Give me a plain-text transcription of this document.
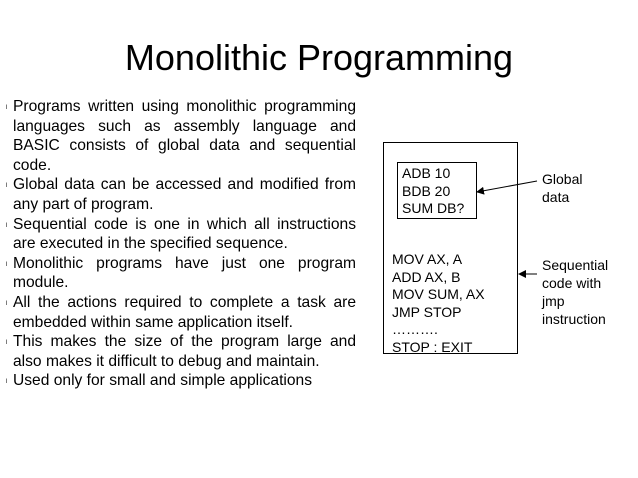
Monolithic Programming
l Programs written using monolithic programming languages such as assembly language and BASIC consists of global data and sequential code.
l Global data can be accessed and modified from any part of program.
l Sequential code is one in which all instructions are executed in the specified sequence.
l Monolithic programs have just one program module.
l All the actions required to complete a task are embedded within same application itself.
l This makes the size of the program large and also makes it difficult to debug and maintain.
l Used only for small and simple applications
ADB 10
BDB 20
SUM DB?
MOV AX, A
ADD AX, B
MOV SUM, AX
JMP STOP
……….
STOP : EXIT
Global
data
Sequential
code with
jmp
instruction
